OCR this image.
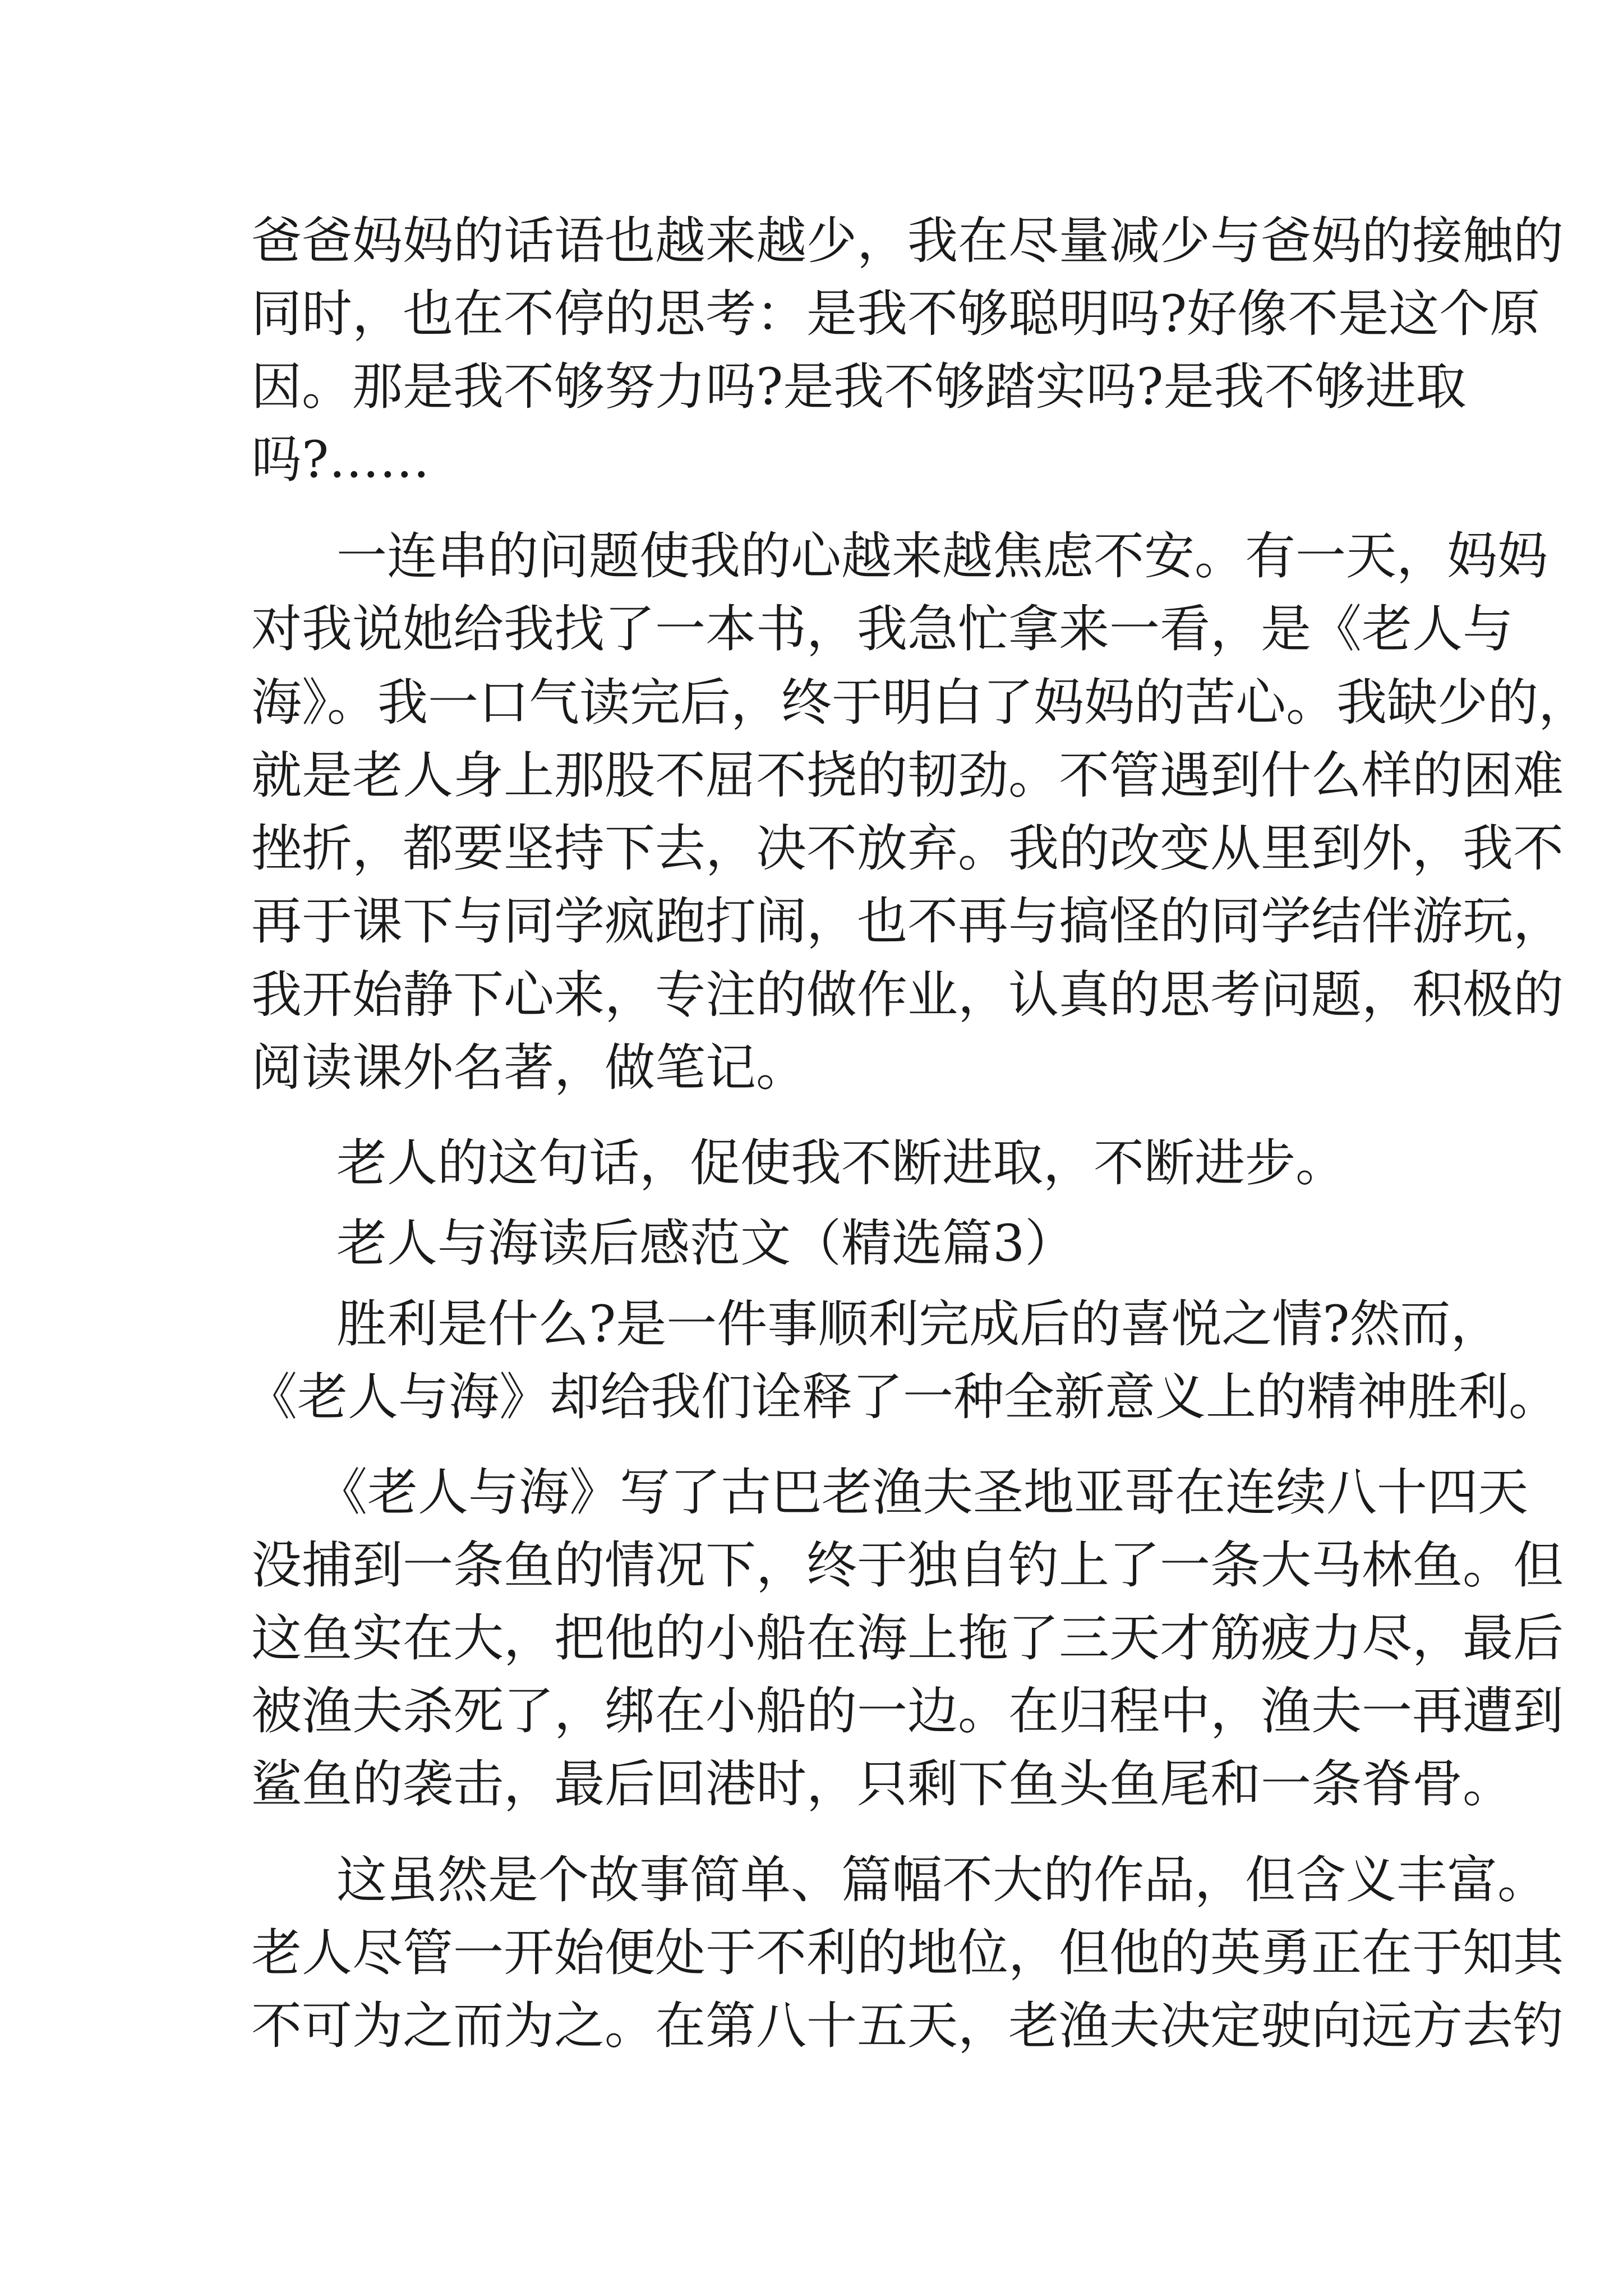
爸爸妈妈的话语也越来越少，我在尽量减少与爸妈的接触的
同时，也在不停的思考：是我不够聪明吗?好像不是这个原
因。那是我不够努力吗?是我不够踏实吗?是我不够进取
吗?……
一连串的问题使我的心越来越焦虑不安。有一天，妈妈
对我说她给我找了一本书，我急忙拿来一看，是《老人与
海》。我一口气读完后，终于明白了妈妈的苦心。我缺少的，
就是老人身上那股不屈不挠的韧劲。不管遇到什么样的困难
挫折，都要坚持下去，决不放弃。我的改变从里到外，我不
再于课下与同学疯跑打闹，也不再与搞怪的同学结伴游玩，
我开始静下心来，专注的做作业，认真的思考问题，积极的
阅读课外名著，做笔记。
老人的这句话，促使我不断进取，不断进步。
老人与海读后感范文（精选篇3）
胜利是什么?是一件事顺利完成后的喜悦之情?然而，
《老人与海》却给我们诠释了一种全新意义上的精神胜利。
《老人与海》写了古巴老渔夫圣地亚哥在连续八十四天
没捕到一条鱼的情况下，终于独自钓上了一条大马林鱼。但
这鱼实在大，把他的小船在海上拖了三天才筋疲力尽，最后
被渔夫杀死了，绑在小船的一边。在归程中，渔夫一再遭到
鲨鱼的袭击，最后回港时，只剩下鱼头鱼尾和一条脊骨。
这虽然是个故事简单、篇幅不大的作品，但含义丰富。
老人尽管一开始便处于不利的地位，但他的英勇正在于知其
不可为之而为之。在第八十五天，老渔夫决定驶向远方去钓
